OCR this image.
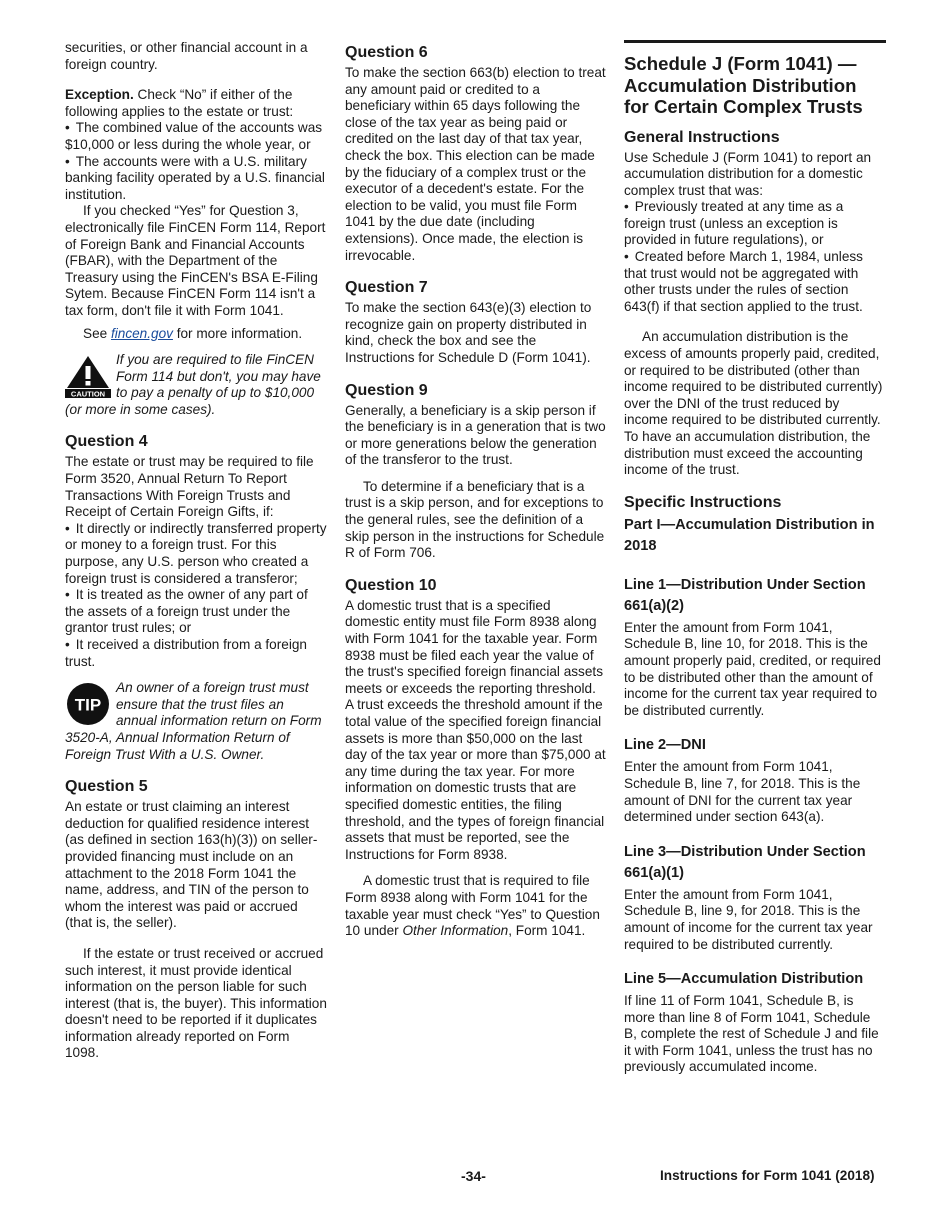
securities, or other financial account in a foreign country.

Exception. Check “No” if either of the following applies to the estate or trust:

• The combined value of the accounts was $10,000 or less during the whole year, or

• The accounts were with a U.S. military banking facility operated by a U.S. financial institution.

If you checked “Yes” for Question 3, electronically file FinCEN Form 114, Report of Foreign Bank and Financial Accounts (FBAR), with the Department of the Treasury using the FinCEN's BSA E-Filing Sytem. Because FinCEN Form 114 isn't a tax form, don't file it with Form 1041.

See fincen.gov for more information.

CAUTION

If you are required to file FinCEN Form 114 but don't, you may have to pay a penalty of up to $10,000 (or more in some cases).

Question 4

The estate or trust may be required to file Form 3520, Annual Return To Report Transactions With Foreign Trusts and Receipt of Certain Foreign Gifts, if:

• It directly or indirectly transferred property or money to a foreign trust. For this purpose, any U.S. person who created a foreign trust is considered a transferor;

• It is treated as the owner of any part of the assets of a foreign trust under the grantor trust rules; or

• It received a distribution from a foreign trust.

TIP

An owner of a foreign trust must ensure that the trust files an annual information return on Form 3520-A, Annual Information Return of Foreign Trust With a U.S. Owner.

Question 5

An estate or trust claiming an interest deduction for qualified residence interest (as defined in section 163(h)(3)) on seller-provided financing must include on an attachment to the 2018 Form 1041 the name, address, and TIN of the person to whom the interest was paid or accrued (that is, the seller).

If the estate or trust received or accrued such interest, it must provide identical information on the person liable for such interest (that is, the buyer). This information doesn't need to be reported if it duplicates information already reported on Form 1098.

Question 6

To make the section 663(b) election to treat any amount paid or credited to a beneficiary within 65 days following the close of the tax year as being paid or credited on the last day of that tax year, check the box. This election can be made by the fiduciary of a complex trust or the executor of a decedent's estate. For the election to be valid, you must file Form 1041 by the due date (including extensions). Once made, the election is irrevocable.

Question 7

To make the section 643(e)(3) election to recognize gain on property distributed in kind, check the box and see the Instructions for Schedule D (Form 1041).

Question 9

Generally, a beneficiary is a skip person if the beneficiary is in a generation that is two or more generations below the generation of the transferor to the trust.

To determine if a beneficiary that is a trust is a skip person, and for exceptions to the general rules, see the definition of a skip person in the instructions for Schedule R of Form 706.

Question 10

A domestic trust that is a specified domestic entity must file Form 8938 along with Form 1041 for the taxable year. Form 8938 must be filed each year the value of the trust's specified foreign financial assets meets or exceeds the reporting threshold. A trust exceeds the threshold amount if the total value of the specified foreign financial assets is more than $50,000 on the last day of the tax year or more than $75,000 at any time during the tax year. For more information on domestic trusts that are specified domestic entities, the filing threshold, and the types of foreign financial assets that must be reported, see the Instructions for Form 8938.

A domestic trust that is required to file Form 8938 along with Form 1041 for the taxable year must check “Yes” to Question 10 under Other Information, Form 1041.

Schedule J (Form 1041) — Accumulation Distribution for Certain Complex Trusts

General Instructions

Use Schedule J (Form 1041) to report an accumulation distribution for a domestic complex trust that was:

• Previously treated at any time as a foreign trust (unless an exception is provided in future regulations), or

• Created before March 1, 1984, unless that trust would not be aggregated with other trusts under the rules of section 643(f) if that section applied to the trust.

An accumulation distribution is the excess of amounts properly paid, credited, or required to be distributed (other than income required to be distributed currently) over the DNI of the trust reduced by income required to be distributed currently. To have an accumulation distribution, the distribution must exceed the accounting income of the trust.

Specific Instructions
Part I—Accumulation Distribution in 2018
Line 1—Distribution Under Section 661(a)(2)

Enter the amount from Form 1041, Schedule B, line 10, for 2018. This is the amount properly paid, credited, or required to be distributed other than the amount of income for the current tax year required to be distributed currently.

Line 2—DNI

Enter the amount from Form 1041, Schedule B, line 7, for 2018. This is the amount of DNI for the current tax year determined under section 643(a).

Line 3—Distribution Under Section 661(a)(1)

Enter the amount from Form 1041, Schedule B, line 9, for 2018. This is the amount of income for the current tax year required to be distributed currently.

Line 5—Accumulation Distribution

If line 11 of Form 1041, Schedule B, is more than line 8 of Form 1041, Schedule B, complete the rest of Schedule J and file it with Form 1041, unless the trust has no previously accumulated income.

-34-	Instructions for Form 1041 (2018)
